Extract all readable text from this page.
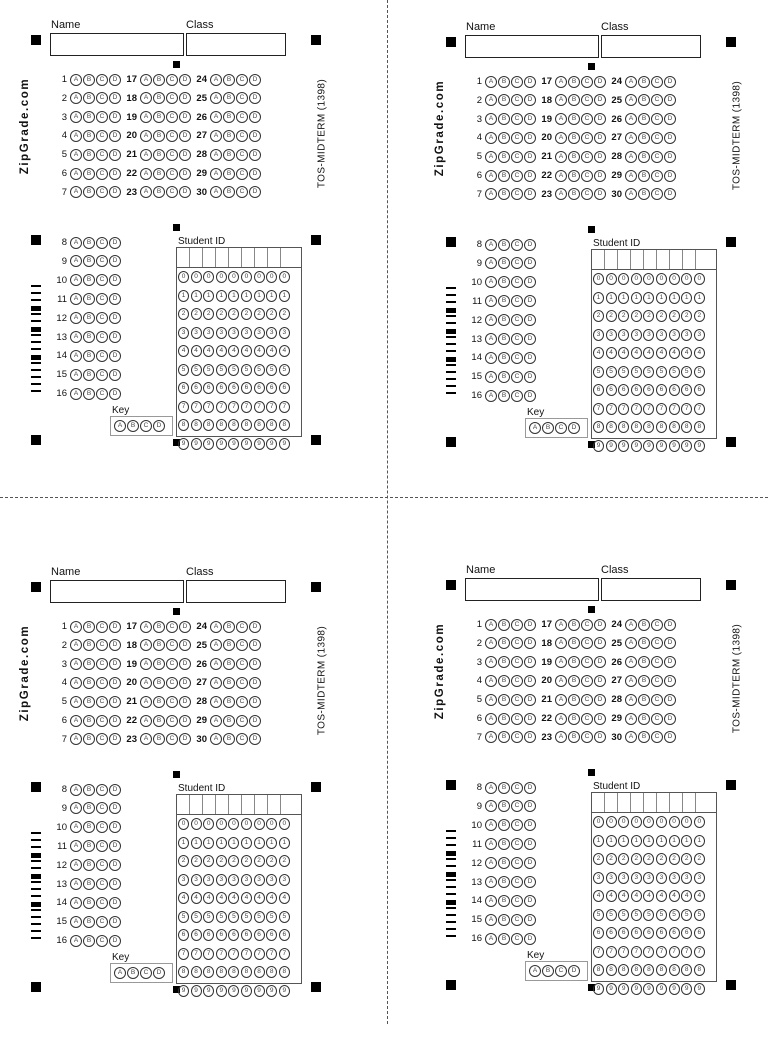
Name	Class
ZipGrade.com	TOS-MIDTERM (1398)
1	A	B	C	D 17	A	B	C	D 24	A	B	C	D
2	A	B	C	D 18	A	B	C	D 25	A	B	C	D
3	A	B	C	D 19	A	B	C	D 26	A	B	C	D
4	A	B	C	D 20	A	B	C	D 27	A	B	C	D
5	A	B	C	D 21	A	B	C	D 28	A	B	C	D
6	A	B	C	D 22	A	B	C	D 29	A	B	C	D
7	A	B	C	D 23	A	B	C	D 30	A	B	C	D
8	A	B	C	D
9	A	B	C	D
10	A	B	C	D
11	A	B	C	D
12	A	B	C	D
13	A	B	C	D
14	A	B	C	D
15	A	B	C	D
16	A	B	C	D
Key
A	B	C	D
Student ID
0	0	0	0	0	0	0	0	0
1	1	1	1	1	1	1	1	1
2	2	2	2	2	2	2	2	2
3	3	3	3	3	3	3	3	3
4	4	4	4	4	4	4	4	4
5	5	5	5	5	5	5	5	5
6	6	6	6	6	6	6	6	6
7	7	7	7	7	7	7	7	7
8	8	8	8	8	8	8	8	8
9	9	9	9	9	9	9	9	9
Name	Class
ZipGrade.com	TOS-MIDTERM (1398)
1	A	B	C	D 17	A	B	C	D 24	A	B	C	D
2	A	B	C	D 18	A	B	C	D 25	A	B	C	D
3	A	B	C	D 19	A	B	C	D 26	A	B	C	D
4	A	B	C	D 20	A	B	C	D 27	A	B	C	D
5	A	B	C	D 21	A	B	C	D 28	A	B	C	D
6	A	B	C	D 22	A	B	C	D 29	A	B	C	D
7	A	B	C	D 23	A	B	C	D 30	A	B	C	D
8	A	B	C	D
9	A	B	C	D
10	A	B	C	D
11	A	B	C	D
12	A	B	C	D
13	A	B	C	D
14	A	B	C	D
15	A	B	C	D
16	A	B	C	D
Key
A	B	C	D
Student ID
0	0	0	0	0	0	0	0	0
1	1	1	1	1	1	1	1	1
2	2	2	2	2	2	2	2	2
3	3	3	3	3	3	3	3	3
4	4	4	4	4	4	4	4	4
5	5	5	5	5	5	5	5	5
6	6	6	6	6	6	6	6	6
7	7	7	7	7	7	7	7	7
8	8	8	8	8	8	8	8	8
9	9	9	9	9	9	9	9	9
Name	Class
ZipGrade.com	TOS-MIDTERM (1398)
1	A	B	C	D 17	A	B	C	D 24	A	B	C	D
2	A	B	C	D 18	A	B	C	D 25	A	B	C	D
3	A	B	C	D 19	A	B	C	D 26	A	B	C	D
4	A	B	C	D 20	A	B	C	D 27	A	B	C	D
5	A	B	C	D 21	A	B	C	D 28	A	B	C	D
6	A	B	C	D 22	A	B	C	D 29	A	B	C	D
7	A	B	C	D 23	A	B	C	D 30	A	B	C	D
8	A	B	C	D
9	A	B	C	D
10	A	B	C	D
11	A	B	C	D
12	A	B	C	D
13	A	B	C	D
14	A	B	C	D
15	A	B	C	D
16	A	B	C	D
Key
A	B	C	D
Student ID
0	0	0	0	0	0	0	0	0
1	1	1	1	1	1	1	1	1
2	2	2	2	2	2	2	2	2
3	3	3	3	3	3	3	3	3
4	4	4	4	4	4	4	4	4
5	5	5	5	5	5	5	5	5
6	6	6	6	6	6	6	6	6
7	7	7	7	7	7	7	7	7
8	8	8	8	8	8	8	8	8
9	9	9	9	9	9	9	9	9
Name	Class
ZipGrade.com	TOS-MIDTERM (1398)
1	A	B	C	D 17	A	B	C	D 24	A	B	C	D
2	A	B	C	D 18	A	B	C	D 25	A	B	C	D
3	A	B	C	D 19	A	B	C	D 26	A	B	C	D
4	A	B	C	D 20	A	B	C	D 27	A	B	C	D
5	A	B	C	D 21	A	B	C	D 28	A	B	C	D
6	A	B	C	D 22	A	B	C	D 29	A	B	C	D
7	A	B	C	D 23	A	B	C	D 30	A	B	C	D
8	A	B	C	D
9	A	B	C	D
10	A	B	C	D
11	A	B	C	D
12	A	B	C	D
13	A	B	C	D
14	A	B	C	D
15	A	B	C	D
16	A	B	C	D
Key
A	B	C	D
Student ID
0	0	0	0	0	0	0	0	0
1	1	1	1	1	1	1	1	1
2	2	2	2	2	2	2	2	2
3	3	3	3	3	3	3	3	3
4	4	4	4	4	4	4	4	4
5	5	5	5	5	5	5	5	5
6	6	6	6	6	6	6	6	6
7	7	7	7	7	7	7	7	7
8	8	8	8	8	8	8	8	8
9	9	9	9	9	9	9	9	9
